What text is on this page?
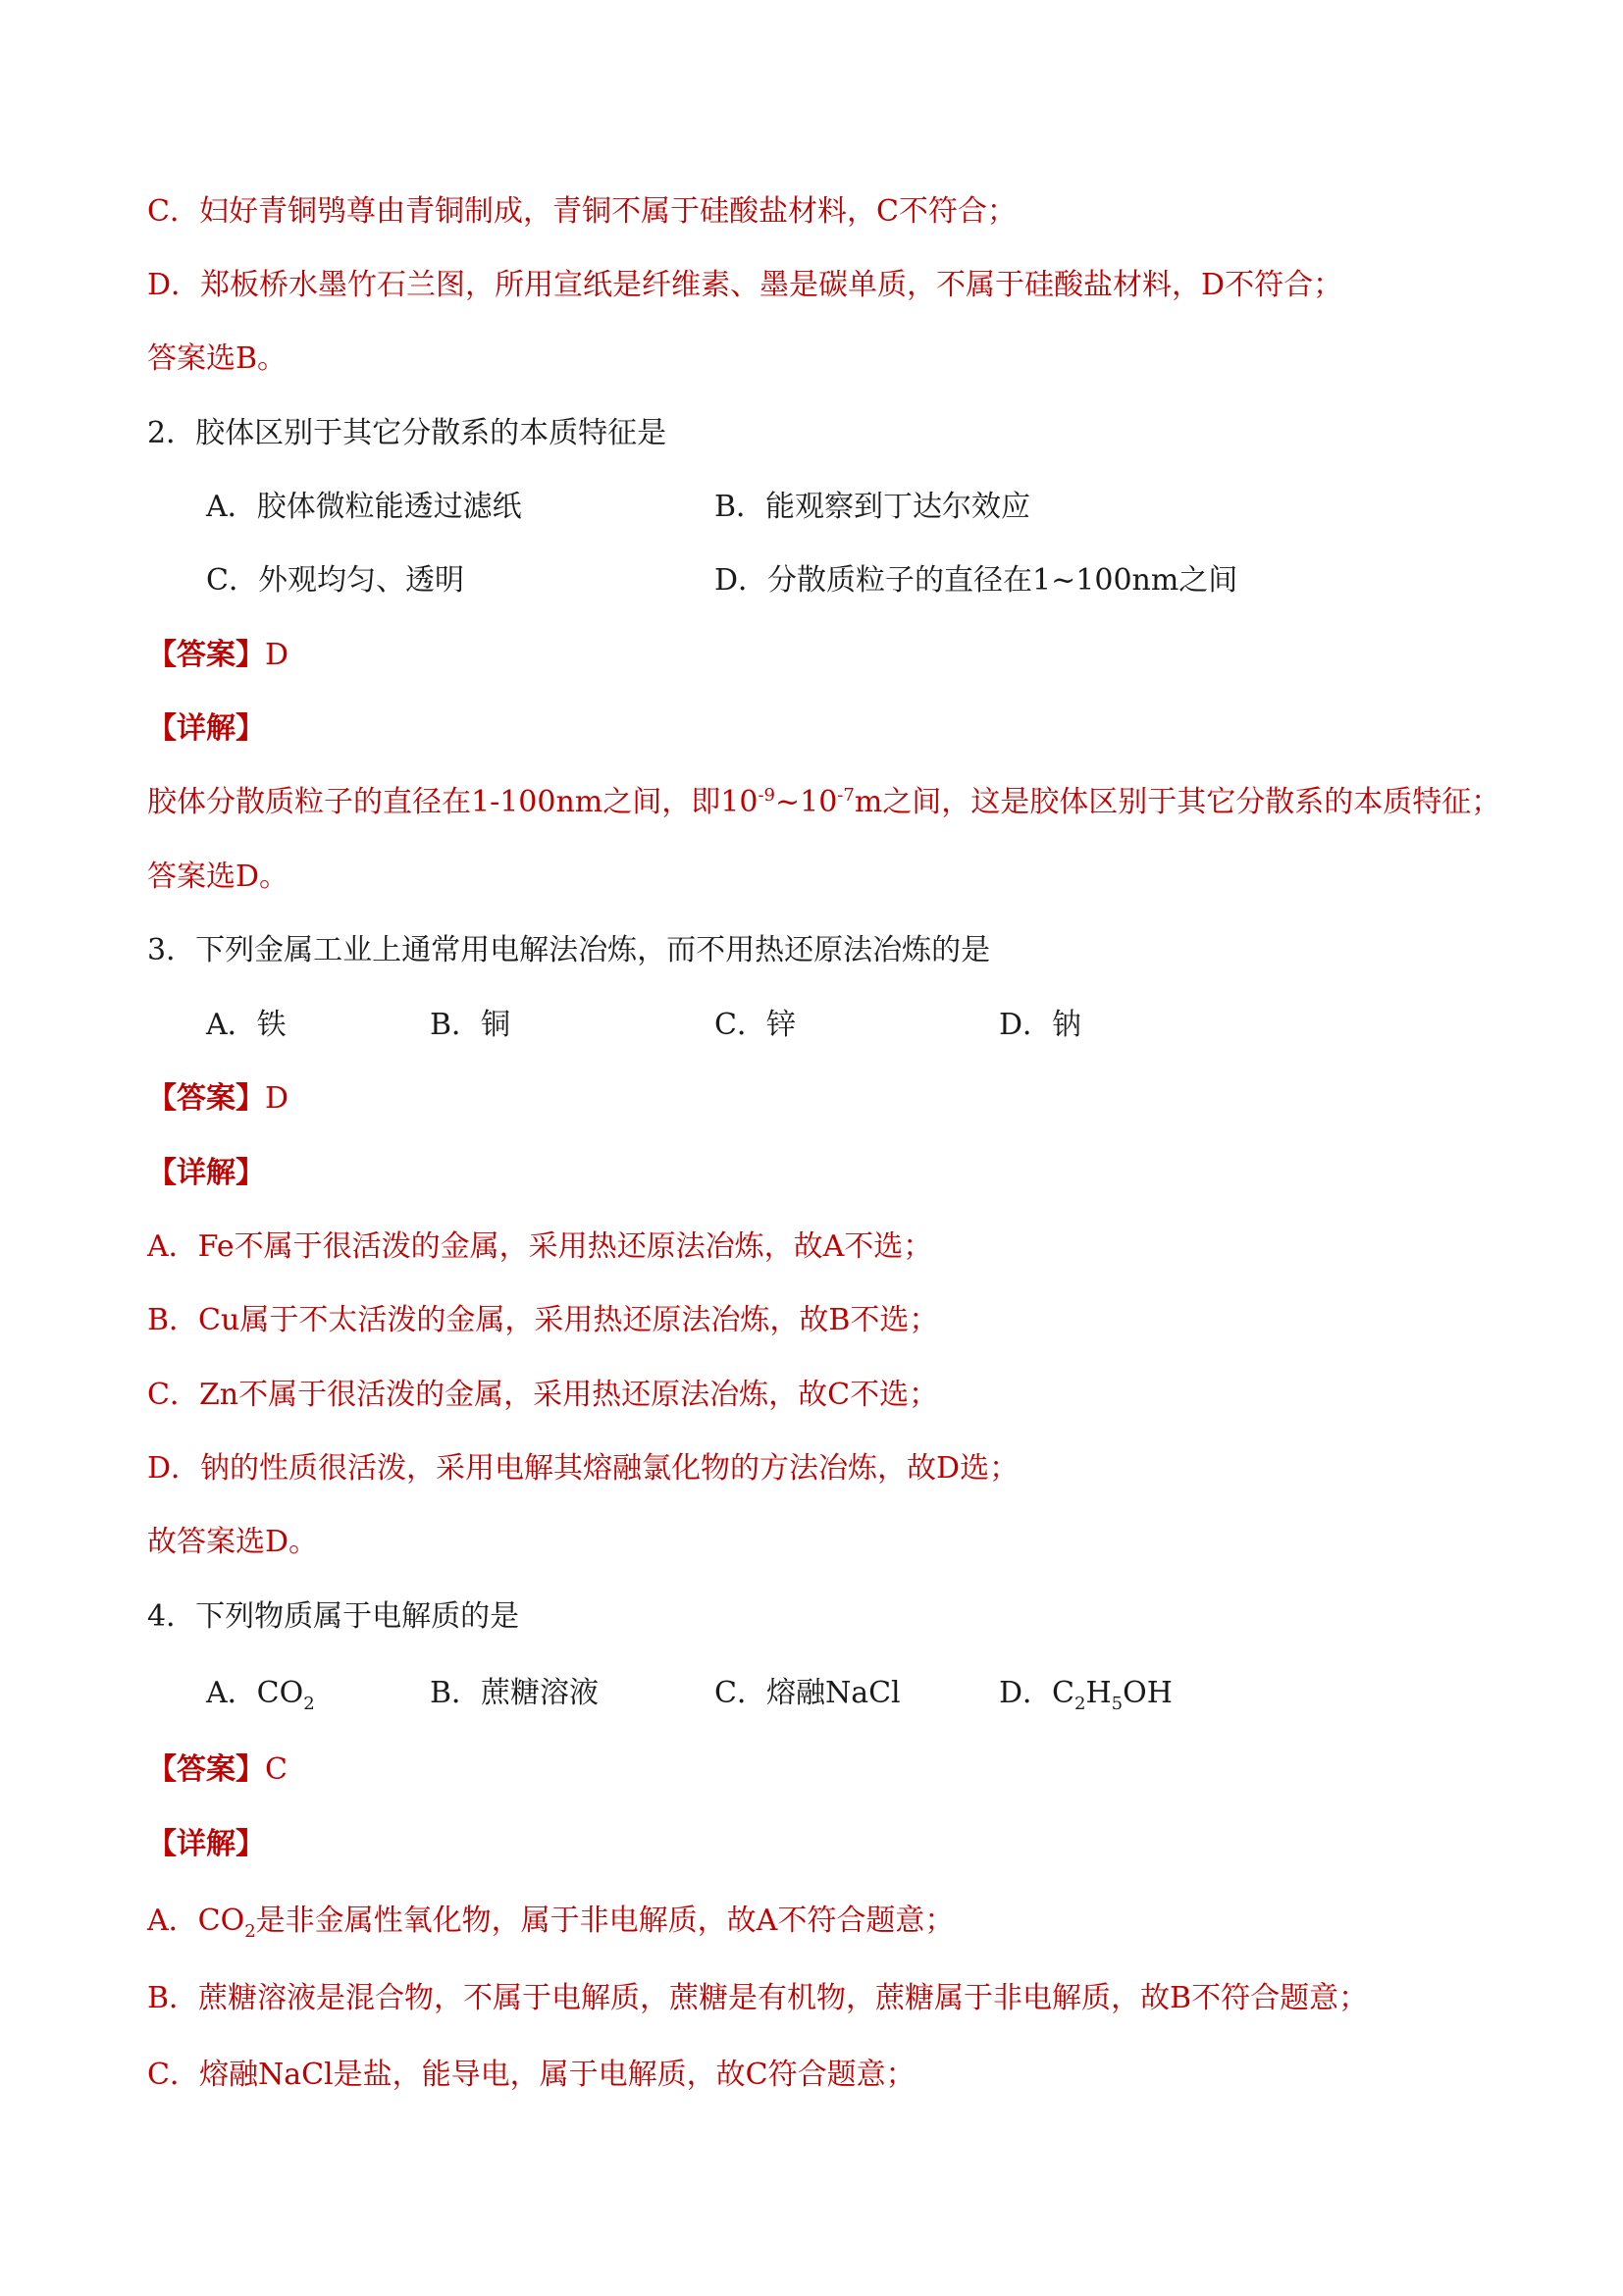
C．妇好青铜鸮尊由青铜制成，青铜不属于硅酸盐材料，C不符合；
D．郑板桥水墨竹石兰图，所用宣纸是纤维素、墨是碳单质，不属于硅酸盐材料，D不符合；
答案选B。
2．胶体区别于其它分散系的本质特征是
A．胶体微粒能透过滤纸	B．能观察到丁达尔效应
C．外观均匀、透明	D．分散质粒子的直径在1~100nm之间
【答案】D
【详解】
胶体分散质粒子的直径在1-100nm之间，即$10^{-9}\sim 10^{-7}m$之间，这是胶体区别于其它分散系的本质特征；
答案选D。
3．下列金属工业上通常用电解法冶炼，而不用热还原法冶炼的是
A．铁	B．铜	C．锌	D．钠
【答案】D
【详解】
A．Fe不属于很活泼的金属，采用热还原法冶炼，故A不选；
B．Cu属于不太活泼的金属，采用热还原法冶炼，故B不选；
C．Zn不属于很活泼的金属，采用热还原法冶炼，故C不选；
D．钠的性质很活泼，采用电解其熔融氯化物的方法冶炼，故D选；
故答案选D。
4．下列物质属于电解质的是
A．$CO_2$	B．蔗糖溶液	C．熔融NaCl	D．$C_2H_5OH$
【答案】C
【详解】
A．$CO_2$是非金属性氧化物，属于非电解质，故A不符合题意；
B．蔗糖溶液是混合物，不属于电解质，蔗糖是有机物，蔗糖属于非电解质，故B不符合题意；
C．熔融NaCl是盐，能导电，属于电解质，故C符合题意；
